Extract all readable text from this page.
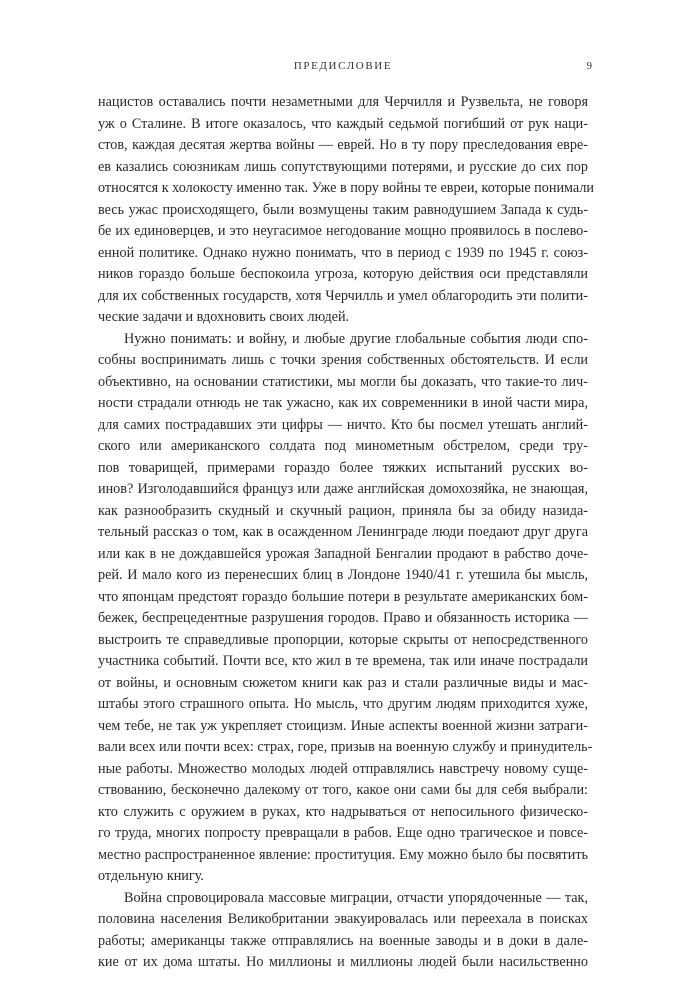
ПРЕДИСЛОВИЕ	9
нацистов оставались почти незаметными для Черчилля и Рузвельта, не говоря
уж о Сталине. В итоге оказалось, что каждый седьмой погибший от рук наци-
стов, каждая десятая жертва войны — еврей. Но в ту пору преследования евре-
ев казались союзникам лишь сопутствующими потерями, и русские до сих пор
относятся к холокосту именно так. Уже в пору войны те евреи, которые понимали
весь ужас происходящего, были возмущены таким равнодушием Запада к судь-
бе их единоверцев, и это неугасимое негодование мощно проявилось в послево-
енной политике. Однако нужно понимать, что в период с 1939 по 1945 г. союз-
ников гораздо больше беспокоила угроза, которую действия оси представляли
для их собственных государств, хотя Черчилль и умел облагородить эти полити-
ческие задачи и вдохновить своих людей.
Нужно понимать: и войну, и любые другие глобальные события люди спо-
собны воспринимать лишь с точки зрения собственных обстоятельств. И если
объективно, на основании статистики, мы могли бы доказать, что такие-то лич-
ности страдали отнюдь не так ужасно, как их современники в иной части мира,
для самих пострадавших эти цифры — ничто. Кто бы посмел утешать англий-
ского или американского солдата под минометным обстрелом, среди тру-
пов товарищей, примерами гораздо более тяжких испытаний русских во-
инов? Изголодавшийся француз или даже английская домохозяйка, не знающая,
как разнообразить скудный и скучный рацион, приняла бы за обиду назида-
тельный рассказ о том, как в осажденном Ленинграде люди поедают друг друга
или как в не дождавшейся урожая Западной Бенгалии продают в рабство доче-
рей. И мало кого из перенесших блиц в Лондоне 1940/41 г. утешила бы мысль,
что японцам предстоят гораздо большие потери в результате американских бом-
бежек, беспрецедентные разрушения городов. Право и обязанность историка —
выстроить те справедливые пропорции, которые скрыты от непосредственного
участника событий. Почти все, кто жил в те времена, так или иначе пострадали
от войны, и основным сюжетом книги как раз и стали различные виды и мас-
штабы этого страшного опыта. Но мысль, что другим людям приходится хуже,
чем тебе, не так уж укрепляет стоицизм. Иные аспекты военной жизни затраги-
вали всех или почти всех: страх, горе, призыв на военную службу и принудитель-
ные работы. Множество молодых людей отправлялись навстречу новому суще-
ствованию, бесконечно далекому от того, какое они сами бы для себя выбрали:
кто служить с оружием в руках, кто надрываться от непосильного физическо-
го труда, многих попросту превращали в рабов. Еще одно трагическое и повсе-
местно распространенное явление: проституция. Ему можно было бы посвятить
отдельную книгу.
Война спровоцировала массовые миграции, отчасти упорядоченные — так,
половина населения Великобритании эвакуировалась или переехала в поисках
работы; американцы также отправлялись на военные заводы и в доки в дале-
кие от их дома штаты. Но миллионы и миллионы людей были насильственно
